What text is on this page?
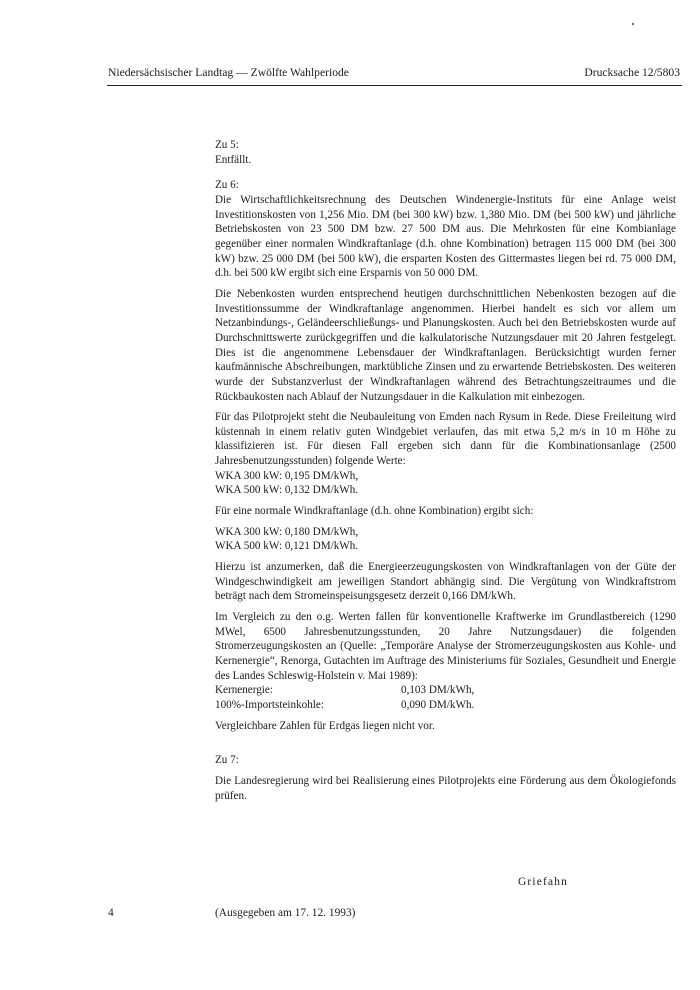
Niedersächsischer Landtag — Zwölfte Wahlperiode	Drucksache 12/5803

Zu 5:

Entfällt.

Zu 6:

Die Wirtschaftlichkeitsrechnung des Deutschen Windenergie-Instituts für eine Anlage weist Investitionskosten von 1,256 Mio. DM (bei 300 kW) bzw. 1,380 Mio. DM (bei 500 kW) und jährliche Betriebskosten von 23 500 DM bzw. 27 500 DM aus. Die Mehrkosten für eine Kombianlage gegenüber einer normalen Windkraftanlage (d.h. ohne Kombination) betragen 115 000 DM (bei 300 kW) bzw. 25 000 DM (bei 500 kW), die ersparten Kosten des Gittermastes liegen bei rd. 75 000 DM, d.h. bei 500 kW ergibt sich eine Ersparnis von 50 000 DM.

Die Nebenkosten wurden entsprechend heutigen durchschnittlichen Nebenkosten bezogen auf die Investitionssumme der Windkraftanlage angenommen. Hierbei handelt es sich vor allem um Netzanbindungs-, Geländeerschließungs- und Planungskosten. Auch bei den Betriebskosten wurde auf Durchschnittswerte zurückgegriffen und die kalkulatorische Nutzungsdauer mit 20 Jahren festgelegt. Dies ist die angenommene Lebensdauer der Windkraftanlagen. Berücksichtigt wurden ferner kaufmännische Abschreibungen, marktübliche Zinsen und zu erwartende Betriebskosten. Des weiteren wurde der Substanzverlust der Windkraftanlagen während des Betrachtungszeitraumes und die Rückbaukosten nach Ablauf der Nutzungsdauer in die Kalkulation mit einbezogen.

Für das Pilotprojekt steht die Neubauleitung von Emden nach Rysum in Rede. Diese Freileitung wird küstennah in einem relativ guten Windgebiet verlaufen, das mit etwa 5,2 m/s in 10 m Höhe zu klassifizieren ist. Für diesen Fall ergeben sich dann für die Kombinationsanlage (2500 Jahresbenutzungsstunden) folgende Werte:

WKA 300 kW: 0,195 DM/kWh,

WKA 500 kW: 0,132 DM/kWh.

Für eine normale Windkraftanlage (d.h. ohne Kombination) ergibt sich:

WKA 300 kW: 0,180 DM/kWh,

WKA 500 kW: 0,121 DM/kWh.

Hierzu ist anzumerken, daß die Energieerzeugungskosten von Windkraftanlagen von der Güte der Windgeschwindigkeit am jeweiligen Standort abhängig sind. Die Vergütung von Windkraftstrom beträgt nach dem Stromeinspeisungsgesetz derzeit 0,166 DM/kWh.

Im Vergleich zu den o.g. Werten fallen für konventionelle Kraftwerke im Grundlastbereich (1290 MWel, 6500 Jahresbenutzungsstunden, 20 Jahre Nutzungsdauer) die folgenden Stromerzeugungskosten an (Quelle: „Temporäre Analyse der Stromerzeugungskosten aus Kohle- und Kernenergie“, Renorga, Gutachten im Auftrage des Ministeriums für Soziales, Gesundheit und Energie des Landes Schleswig-Holstein v. Mai 1989):

Kernenergie:	0,103 DM/kWh,
100%-Importsteinkohle:	0,090 DM/kWh.

Vergleichbare Zahlen für Erdgas liegen nicht vor.

Zu 7:

Die Landesregierung wird bei Realisierung eines Pilotprojekts eine Förderung aus dem Ökologiefonds prüfen.

Griefahn
4	(Ausgegeben am 17. 12. 1993)
